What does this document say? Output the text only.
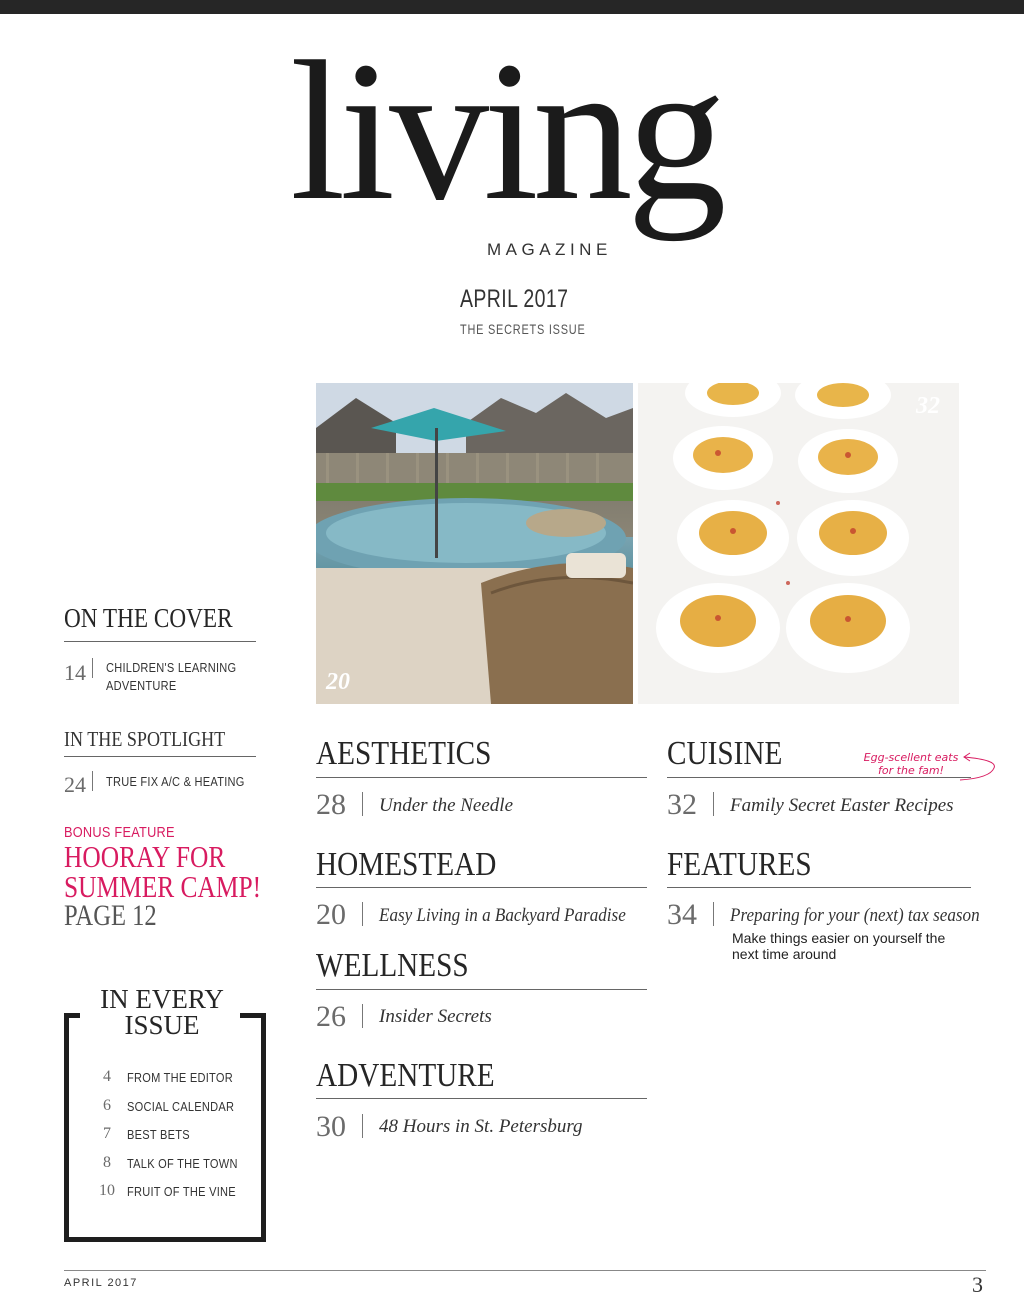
living
MAGAZINE
APRIL 2017
THE SECRETS ISSUE
20
32
ON THE COVER
14 CHILDREN'S LEARNING
ADVENTURE
IN THE SPOTLIGHT
24 TRUE FIX A/C & HEATING
BONUS FEATURE
HOORAY FOR
SUMMER CAMP!
PAGE 12
IN EVERY
ISSUE
4	FROM THE EDITOR
6	SOCIAL CALENDAR
7	BEST BETS
8	TALK OF THE TOWN
10 FRUIT OF THE VINE
AESTHETICS
28 Under the Needle
HOMESTEAD
20 Easy Living in a Backyard Paradise
WELLNESS
26 Insider Secrets
ADVENTURE
30 48 Hours in St. Petersburg
CUISINE
32 Family Secret Easter Recipes
Egg-scellent eats
for the fam!
FEATURES
34 Preparing for your (next) tax season
Make things easier on yourself the
next time around
APRIL 2017	3
